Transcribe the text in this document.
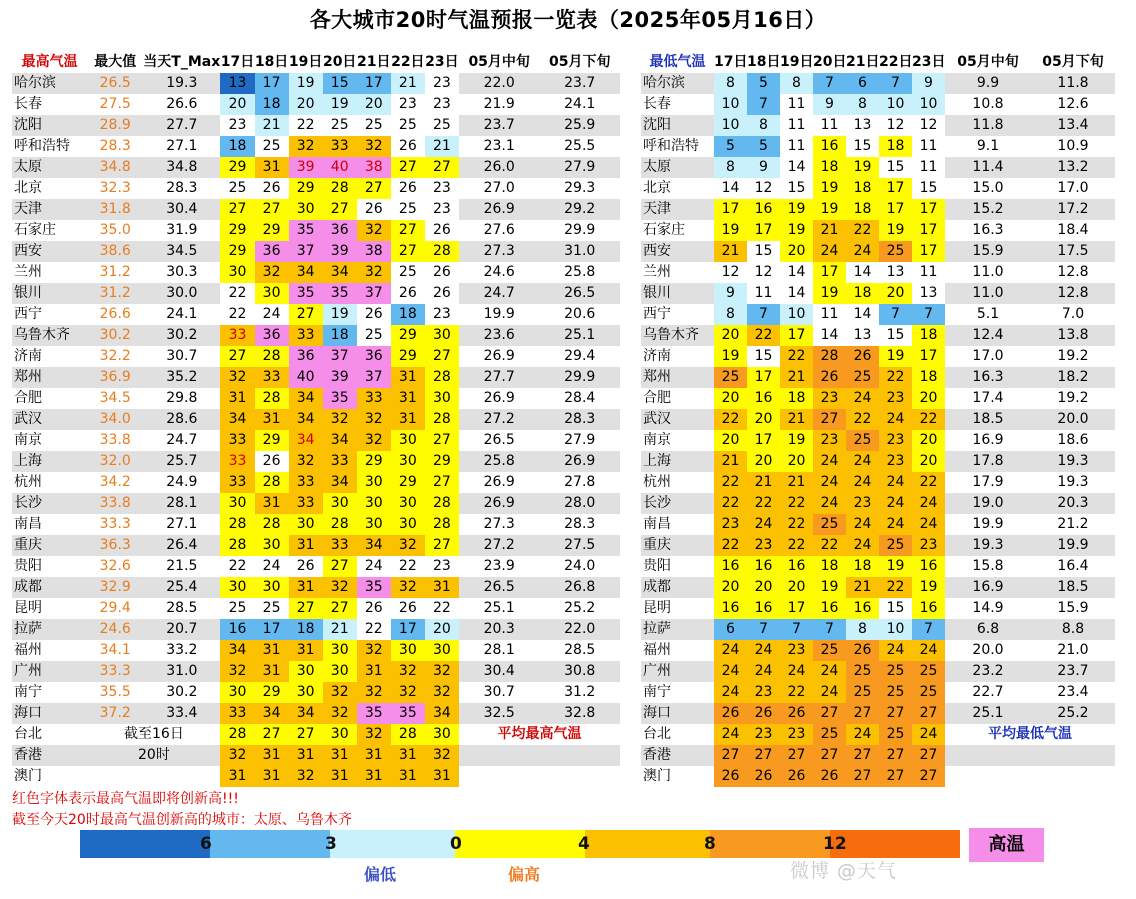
各大城市20时气温预报一览表（2025年05月16日）
最高气温	最大值	当天T_Max	17日	18日	19日	20日	21日	22日	23日	05月中旬	05月下旬
哈尔滨	26.5	19.3	13	17	19	15	17	21	23	22.0	23.7
长春	27.5	26.6	20	18	20	19	20	23	23	21.9	24.1
沈阳	28.9	27.7	23	21	22	25	25	25	25	23.7	25.9
呼和浩特	28.3	27.1	18	25	32	33	32	26	21	23.1	25.5
太原	34.8	34.8	29	31	39	40	38	27	27	26.0	27.9
北京	32.3	28.3	25	26	29	28	27	26	23	27.0	29.3
天津	31.8	30.4	27	27	30	27	26	25	23	26.9	29.2
石家庄	35.0	31.9	29	29	35	36	32	27	26	27.6	29.9
西安	38.6	34.5	29	36	37	39	38	27	28	27.3	31.0
兰州	31.2	30.3	30	32	34	34	32	25	26	24.6	25.8
银川	31.2	30.0	22	30	35	35	37	26	26	24.7	26.5
西宁	26.6	24.1	22	24	27	19	26	18	23	19.9	20.6
乌鲁木齐	30.2	30.2	33	36	33	18	25	29	30	23.6	25.1
济南	32.2	30.7	27	28	36	37	36	29	27	26.9	29.4
郑州	36.9	35.2	32	33	40	39	37	31	28	27.7	29.9
合肥	34.5	29.8	31	28	34	35	33	31	30	26.9	28.4
武汉	34.0	28.6	34	31	34	32	32	31	28	27.2	28.3
南京	33.8	24.7	33	29	34	34	32	30	27	26.5	27.9
上海	32.0	25.7	33	26	32	33	29	30	29	25.8	26.9
杭州	34.2	24.9	33	28	33	34	30	29	27	26.9	27.8
长沙	33.8	28.1	30	31	33	30	30	30	28	26.9	28.0
南昌	33.3	27.1	28	28	30	28	30	30	28	27.3	28.3
重庆	36.3	26.4	28	30	31	33	34	32	27	27.2	27.5
贵阳	32.6	21.5	22	24	26	27	24	22	23	23.9	24.0
成都	32.9	25.4	30	30	31	32	35	32	31	26.5	26.8
昆明	29.4	28.5	25	25	27	27	26	26	22	25.1	25.2
拉萨	24.6	20.7	16	17	18	21	22	17	20	20.3	22.0
福州	34.1	33.2	34	31	31	30	32	30	30	28.1	28.5
广州	33.3	31.0	32	31	30	30	31	32	32	30.4	30.8
南宁	35.5	30.2	30	29	30	32	32	32	32	30.7	31.2
海口	37.2	33.4	33	34	34	32	35	35	34	32.5	32.8
台北	截至16日		28	27	27	30	32	28	30	平均最高气温	
香港	20时		32	31	31	31	31	31	32		
澳门			31	31	32	31	31	31	31		
最低气温	17日	18日	19日	20日	21日	22日	23日	05月中旬	05月下旬
哈尔滨	8	5	8	7	6	7	9	9.9	11.8
长春	10	7	11	9	8	10	10	10.8	12.6
沈阳	10	8	11	11	13	12	12	11.8	13.4
呼和浩特	5	5	11	16	15	18	11	9.1	10.9
太原	8	9	14	18	19	15	11	11.4	13.2
北京	14	12	15	19	18	17	15	15.0	17.0
天津	17	16	19	19	18	17	17	15.2	17.2
石家庄	19	17	19	21	22	19	17	16.3	18.4
西安	21	15	20	24	24	25	17	15.9	17.5
兰州	12	12	14	17	14	13	11	11.0	12.8
银川	9	11	14	19	18	20	13	11.0	12.8
西宁	8	7	10	11	14	7	7	5.1	7.0
乌鲁木齐	20	22	17	14	13	15	18	12.4	13.8
济南	19	15	22	28	26	19	17	17.0	19.2
郑州	25	17	21	26	25	22	18	16.3	18.2
合肥	20	16	18	23	24	23	20	17.4	19.2
武汉	22	20	21	27	22	24	22	18.5	20.0
南京	20	17	19	23	25	23	20	16.9	18.6
上海	21	20	20	24	24	23	20	17.8	19.3
杭州	22	21	21	24	24	24	22	17.9	19.3
长沙	22	22	22	24	23	24	24	19.0	20.3
南昌	23	24	22	25	24	24	24	19.9	21.2
重庆	22	23	22	22	24	25	23	19.3	19.9
贵阳	16	16	16	18	18	19	16	15.8	16.4
成都	20	20	20	19	21	22	19	16.9	18.5
昆明	16	16	17	16	16	15	16	14.9	15.9
拉萨	6	7	7	7	8	10	7	6.8	8.8
福州	24	24	23	25	26	24	24	20.0	21.0
广州	24	24	24	24	25	25	25	23.2	23.7
南宁	24	23	22	24	25	25	25	22.7	23.4
海口	26	26	26	27	27	27	27	25.1	25.2
台北	24	23	23	25	24	25	24	平均最低气温	
香港	27	27	27	27	27	27	27		
澳门	26	26	26	26	27	27	27		
红色字体表示最高气温即将创新高!!!
截至今天20时最高气温创新高的城市：太原、乌鲁木齐
6	3	0	4	8	12	高温
偏低	偏高	微博 @天气
